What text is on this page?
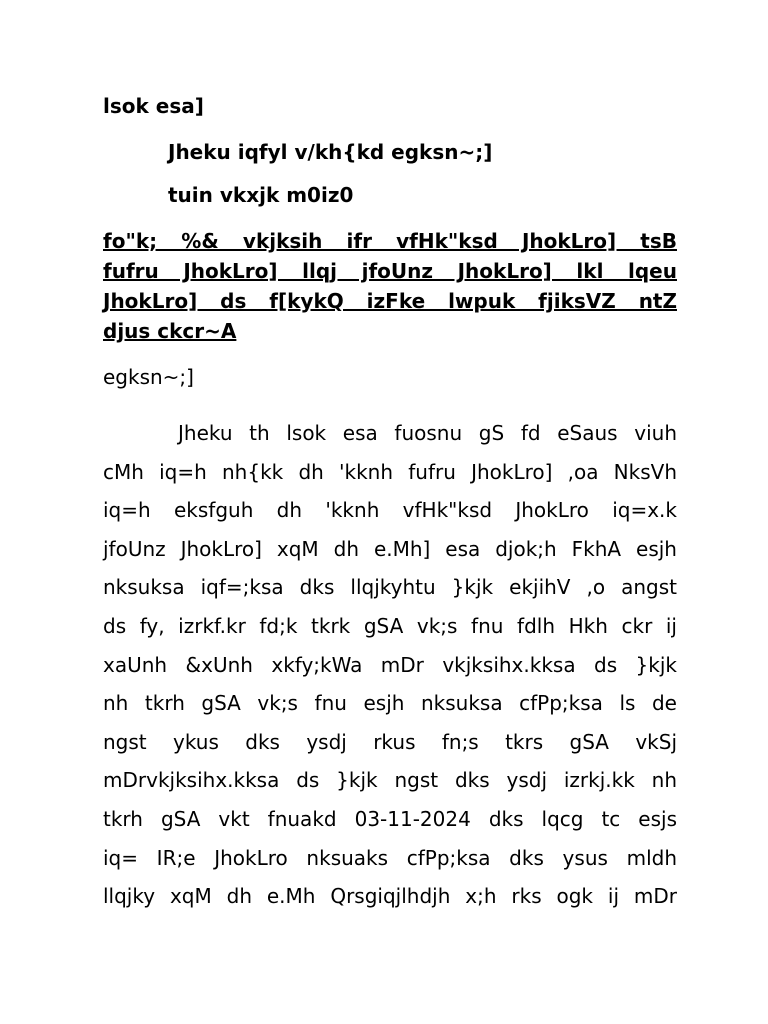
lsok esa]
Jheku iqfyl v/kh{kd egksn~;]
tuin vkxjk m0iz0
fo"k; %& vkjksih ifr vfHk"ksd JhokLro] tsB
fufru JhokLro] llqj jfoUnz JhokLro] lkl lqeu
JhokLro] ds f[kykQ izFke lwpuk fjiksVZ ntZ
djus ckcr~A
egksn~;]
Jheku th lsok esa fuosnu gS fd eSaus viuh
cMh iq=h nh{kk dh 'kknh fufru JhokLro] ,oa NksVh
iq=h eksfguh dh 'kknh vfHk"ksd JhokLro iq=x.k
jfoUnz JhokLro] xqM dh e.Mh] esa djok;h FkhA esjh
nksuksa iqf=;ksa dks llqjkyhtu }kjk ekjihV ,o angst
ds fy, izrkf.kr fd;k tkrk gSA vk;s fnu fdlh Hkh ckr ij
xaUnh &xUnh xkfy;kWa mDr vkjksihx.kksa ds }kjk
nh tkrh gSA vk;s fnu esjh nksuksa cfPp;ksa ls de
ngst ykus dks ysdj rkus fn;s tkrs gSA vkSj
mDrvkjksihx.kksa ds }kjk ngst dks ysdj izrkj.kk nh
tkrh gSA vkt fnuakd 03-11-2024 dks lqcg tc esjs
iq= IR;e JhokLro nksuaks cfPp;ksa dks ysus mldh
llqjky xqM dh e.Mh Qrsgiqjlhdjh x;h rks ogk ij mDr
